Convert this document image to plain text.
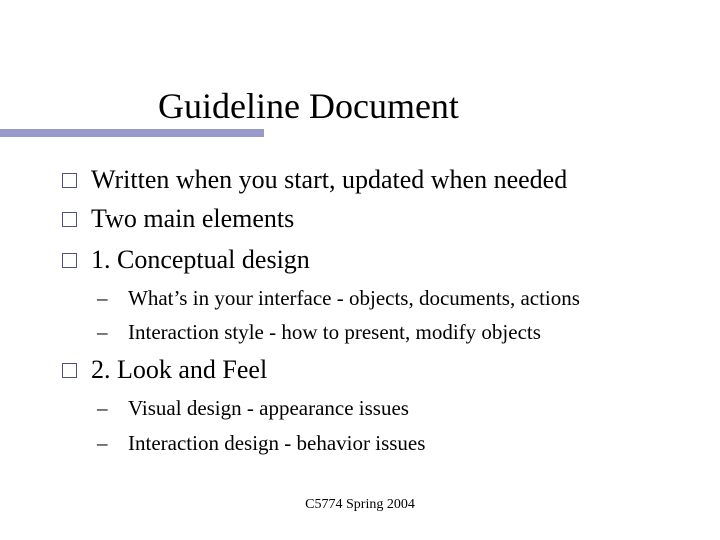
Guideline Document
Written when you start, updated when needed
Two main elements
1. Conceptual design
– What’s in your interface - objects, documents, actions
– Interaction style - how to present, modify objects
2. Look and Feel
– Visual design - appearance issues
– Interaction design - behavior issues
C5774 Spring 2004
